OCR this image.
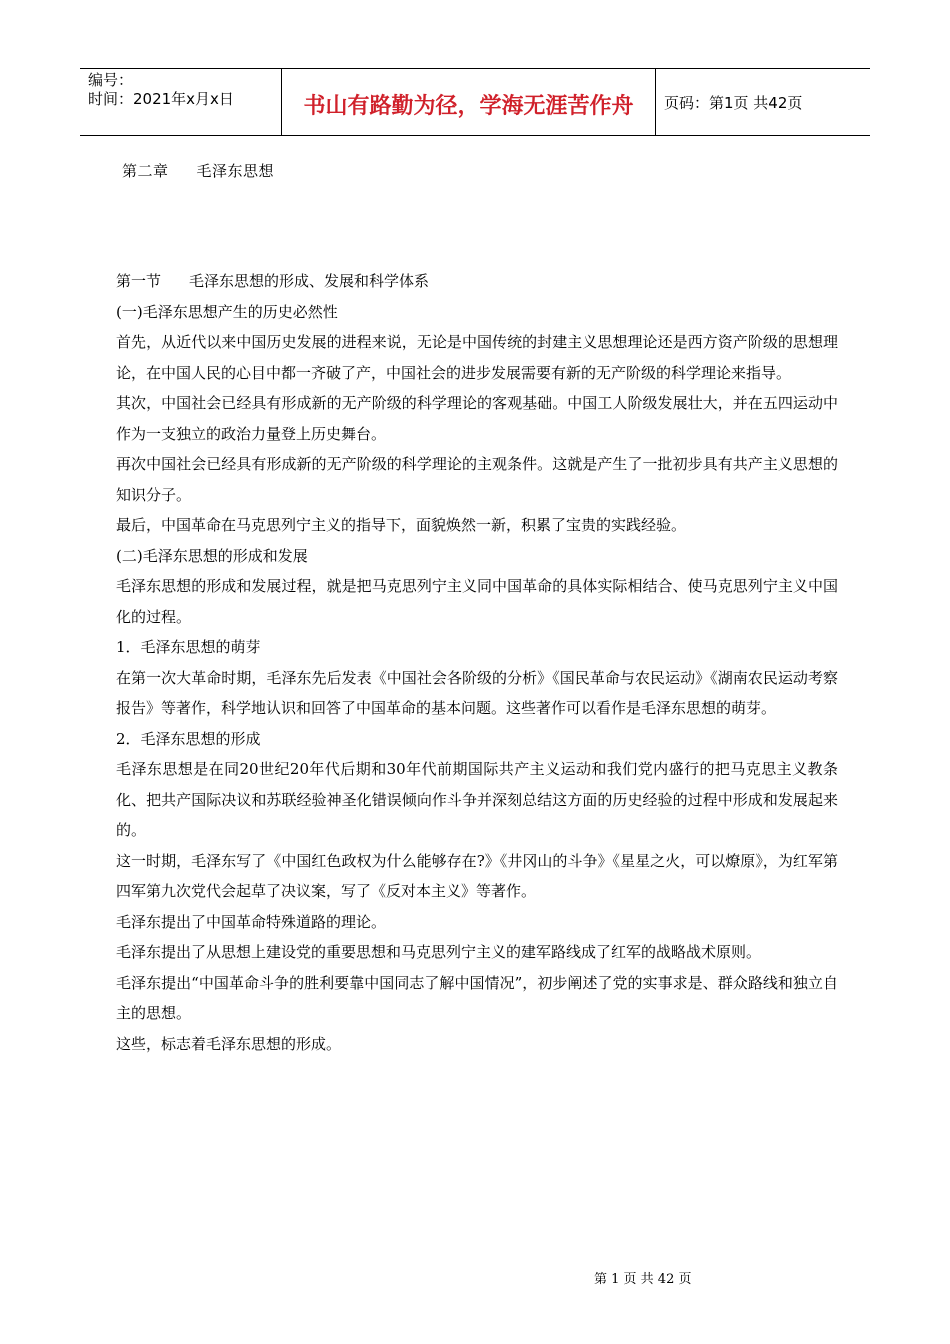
编号：
时间：2021年x月x日	书山有路勤为径，学海无涯苦作舟	页码：第1页 共42页
第二章 毛泽东思想

第一节 毛泽东思想的形成、发展和科学体系

(一)毛泽东思想产生的历史必然性

首先，从近代以来中国历史发展的进程来说，无论是中国传统的封建主义思想理论还是西方资产阶级的思想理论，在中国人民的心目中都一齐破了产，中国社会的进步发展需要有新的无产阶级的科学理论来指导。

其次，中国社会已经具有形成新的无产阶级的科学理论的客观基础。中国工人阶级发展壮大，并在五四运动中作为一支独立的政治力量登上历史舞台。

再次中国社会已经具有形成新的无产阶级的科学理论的主观条件。这就是产生了一批初步具有共产主义思想的知识分子。

最后，中国革命在马克思列宁主义的指导下，面貌焕然一新，积累了宝贵的实践经验。

(二)毛泽东思想的形成和发展

毛泽东思想的形成和发展过程，就是把马克思列宁主义同中国革命的具体实际相结合、使马克思列宁主义中国化的过程。

1．毛泽东思想的萌芽

在第一次大革命时期，毛泽东先后发表《中国社会各阶级的分析》《国民革命与农民运动》《湖南农民运动考察报告》等著作，科学地认识和回答了中国革命的基本问题。这些著作可以看作是毛泽东思想的萌芽。

2．毛泽东思想的形成

毛泽东思想是在同20世纪20年代后期和30年代前期国际共产主义运动和我们党内盛行的把马克思主义教条化、把共产国际决议和苏联经验神圣化错误倾向作斗争并深刻总结这方面的历史经验的过程中形成和发展起来的。

这一时期，毛泽东写了《中国红色政权为什么能够存在?》《井冈山的斗争》《星星之火，可以燎原》，为红军第四军第九次党代会起草了决议案，写了《反对本主义》等著作。

毛泽东提出了中国革命特殊道路的理论。

毛泽东提出了从思想上建设党的重要思想和马克思列宁主义的建军路线成了红军的战略战术原则。

毛泽东提出“中国革命斗争的胜利要靠中国同志了解中国情况”，初步阐述了党的实事求是、群众路线和独立自主的思想。

这些，标志着毛泽东思想的形成。

第 1 页 共 42 页
